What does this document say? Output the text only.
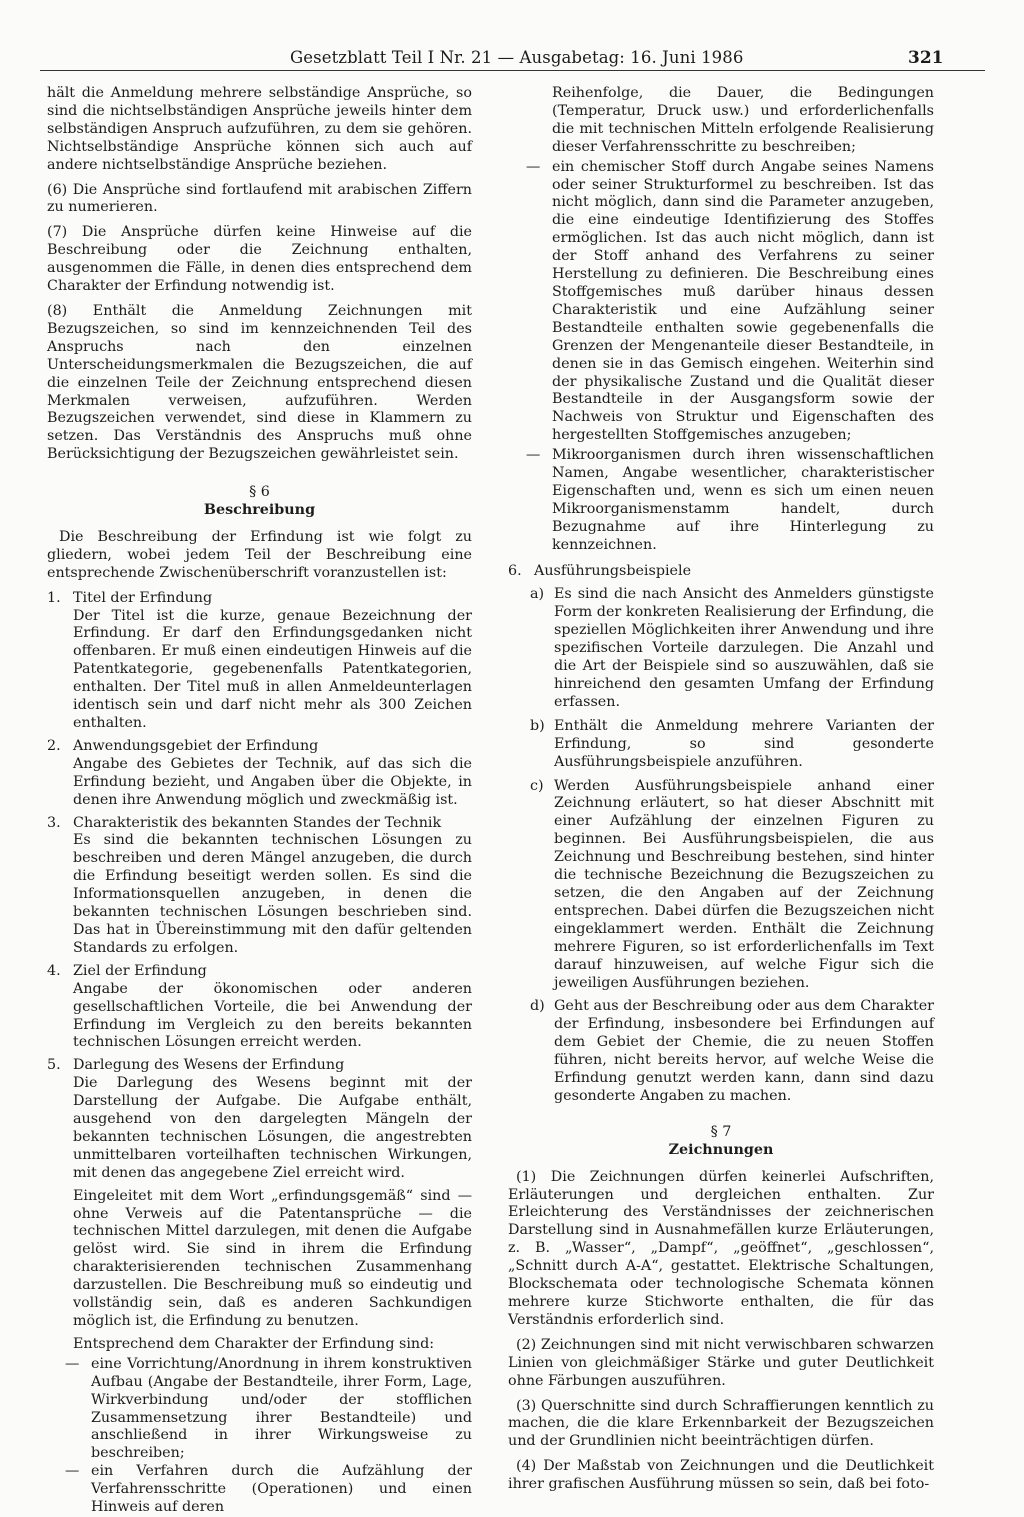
Gesetzblatt Teil I Nr. 21 — Ausgabetag: 16. Juni 1986	321

hält die Anmeldung mehrere selbständige Ansprüche, so sind die nichtselbständigen Ansprüche jeweils hinter dem selbständigen Anspruch aufzuführen, zu dem sie gehören. Nichtselbständige Ansprüche können sich auch auf andere nichtselbständige Ansprüche beziehen.

(6) Die Ansprüche sind fortlaufend mit arabischen Ziffern zu numerieren.

(7) Die Ansprüche dürfen keine Hinweise auf die Beschreibung oder die Zeichnung enthalten, ausgenommen die Fälle, in denen dies entsprechend dem Charakter der Erfindung notwendig ist.

(8) Enthält die Anmeldung Zeichnungen mit Bezugszeichen, so sind im kennzeichnenden Teil des Anspruchs nach den einzelnen Unterscheidungsmerkmalen die Bezugszeichen, die auf die einzelnen Teile der Zeichnung entsprechend diesen Merkmalen verweisen, aufzuführen. Werden Bezugszeichen verwendet, sind diese in Klammern zu setzen. Das Verständnis des Anspruchs muß ohne Berücksichtigung der Bezugszeichen gewährleistet sein.

§ 6
Beschreibung

Die Beschreibung der Erfindung ist wie folgt zu gliedern, wobei jedem Teil der Beschreibung eine entsprechende Zwischenüberschrift voranzustellen ist:

1. Titel der Erfindung

Der Titel ist die kurze, genaue Bezeichnung der Erfindung. Er darf den Erfindungsgedanken nicht offenbaren. Er muß einen eindeutigen Hinweis auf die Patentkategorie, gegebenenfalls Patentkategorien, enthalten. Der Titel muß in allen Anmeldeunterlagen identisch sein und darf nicht mehr als 300 Zeichen enthalten.

2. Anwendungsgebiet der Erfindung

Angabe des Gebietes der Technik, auf das sich die Erfindung bezieht, und Angaben über die Objekte, in denen ihre Anwendung möglich und zweckmäßig ist.

3. Charakteristik des bekannten Standes der Technik

Es sind die bekannten technischen Lösungen zu beschreiben und deren Mängel anzugeben, die durch die Erfindung beseitigt werden sollen. Es sind die Informationsquellen anzugeben, in denen die bekannten technischen Lösungen beschrieben sind. Das hat in Übereinstimmung mit den dafür geltenden Standards zu erfolgen.

4. Ziel der Erfindung

Angabe der ökonomischen oder anderen gesellschaftlichen Vorteile, die bei Anwendung der Erfindung im Vergleich zu den bereits bekannten technischen Lösungen erreicht werden.

5. Darlegung des Wesens der Erfindung

Die Darlegung des Wesens beginnt mit der Darstellung der Aufgabe. Die Aufgabe enthält, ausgehend von den dargelegten Mängeln der bekannten technischen Lösungen, die angestrebten unmittelbaren vorteilhaften technischen Wirkungen, mit denen das angegebene Ziel erreicht wird.

Eingeleitet mit dem Wort „erfindungsgemäß“ sind — ohne Verweis auf die Patentansprüche — die technischen Mittel darzulegen, mit denen die Aufgabe gelöst wird. Sie sind in ihrem die Erfindung charakterisierenden technischen Zusammenhang darzustellen. Die Beschreibung muß so eindeutig und vollständig sein, daß es anderen Sachkundigen möglich ist, die Erfindung zu benutzen.

Entsprechend dem Charakter der Erfindung sind:

— eine Vorrichtung/Anordnung in ihrem konstruktiven Aufbau (Angabe der Bestandteile, ihrer Form, Lage, Wirkverbindung und/oder der stofflichen Zusammensetzung ihrer Bestandteile) und anschließend in ihrer Wirkungsweise zu beschreiben;
— ein Verfahren durch die Aufzählung der Verfahrensschritte (Operationen) und einen Hinweis auf deren

Reihenfolge, die Dauer, die Bedingungen (Temperatur, Druck usw.) und erforderlichenfalls die mit technischen Mitteln erfolgende Realisierung dieser Verfahrensschritte zu beschreiben;

— ein chemischer Stoff durch Angabe seines Namens oder seiner Strukturformel zu beschreiben. Ist das nicht möglich, dann sind die Parameter anzugeben, die eine eindeutige Identifizierung des Stoffes ermöglichen. Ist das auch nicht möglich, dann ist der Stoff anhand des Verfahrens zu seiner Herstellung zu definieren. Die Beschreibung eines Stoffgemisches muß darüber hinaus dessen Charakteristik und eine Aufzählung seiner Bestandteile enthalten sowie gegebenenfalls die Grenzen der Mengenanteile dieser Bestandteile, in denen sie in das Gemisch eingehen. Weiterhin sind der physikalische Zustand und die Qualität dieser Bestandteile in der Ausgangsform sowie der Nachweis von Struktur und Eigenschaften des hergestellten Stoffgemisches anzugeben;
— Mikroorganismen durch ihren wissenschaftlichen Namen, Angabe wesentlicher, charakteristischer Eigenschaften und, wenn es sich um einen neuen Mikroorganismenstamm handelt, durch Bezugnahme auf ihre Hinterlegung zu kennzeichnen.
6. Ausführungsbeispiele
a) Es sind die nach Ansicht des Anmelders günstigste Form der konkreten Realisierung der Erfindung, die speziellen Möglichkeiten ihrer Anwendung und ihre spezifischen Vorteile darzulegen. Die Anzahl und die Art der Beispiele sind so auszuwählen, daß sie hinreichend den gesamten Umfang der Erfindung erfassen.
b) Enthält die Anmeldung mehrere Varianten der Erfindung, so sind gesonderte Ausführungsbeispiele anzuführen.
c) Werden Ausführungsbeispiele anhand einer Zeichnung erläutert, so hat dieser Abschnitt mit einer Aufzählung der einzelnen Figuren zu beginnen. Bei Ausführungsbeispielen, die aus Zeichnung und Beschreibung bestehen, sind hinter die technische Bezeichnung die Bezugszeichen zu setzen, die den Angaben auf der Zeichnung entsprechen. Dabei dürfen die Bezugszeichen nicht eingeklammert werden. Enthält die Zeichnung mehrere Figuren, so ist erforderlichenfalls im Text darauf hinzuweisen, auf welche Figur sich die jeweiligen Ausführungen beziehen.
d) Geht aus der Beschreibung oder aus dem Charakter der Erfindung, insbesondere bei Erfindungen auf dem Gebiet der Chemie, die zu neuen Stoffen führen, nicht bereits hervor, auf welche Weise die Erfindung genutzt werden kann, dann sind dazu gesonderte Angaben zu machen.
§ 7
Zeichnungen

(1) Die Zeichnungen dürfen keinerlei Aufschriften, Erläuterungen und dergleichen enthalten. Zur Erleichterung des Verständnisses der zeichnerischen Darstellung sind in Ausnahmefällen kurze Erläuterungen, z. B. „Wasser“, „Dampf“, „geöffnet“, „geschlossen“, „Schnitt durch A-A“, gestattet. Elektrische Schaltungen, Blockschemata oder technologische Schemata können mehrere kurze Stichworte enthalten, die für das Verständnis erforderlich sind.

(2) Zeichnungen sind mit nicht verwischbaren schwarzen Linien von gleichmäßiger Stärke und guter Deutlichkeit ohne Färbungen auszuführen.

(3) Querschnitte sind durch Schraffierungen kenntlich zu machen, die die klare Erkennbarkeit der Bezugszeichen und der Grundlinien nicht beeinträchtigen dürfen.

(4) Der Maßstab von Zeichnungen und die Deutlichkeit ihrer grafischen Ausführung müssen so sein, daß bei foto-
